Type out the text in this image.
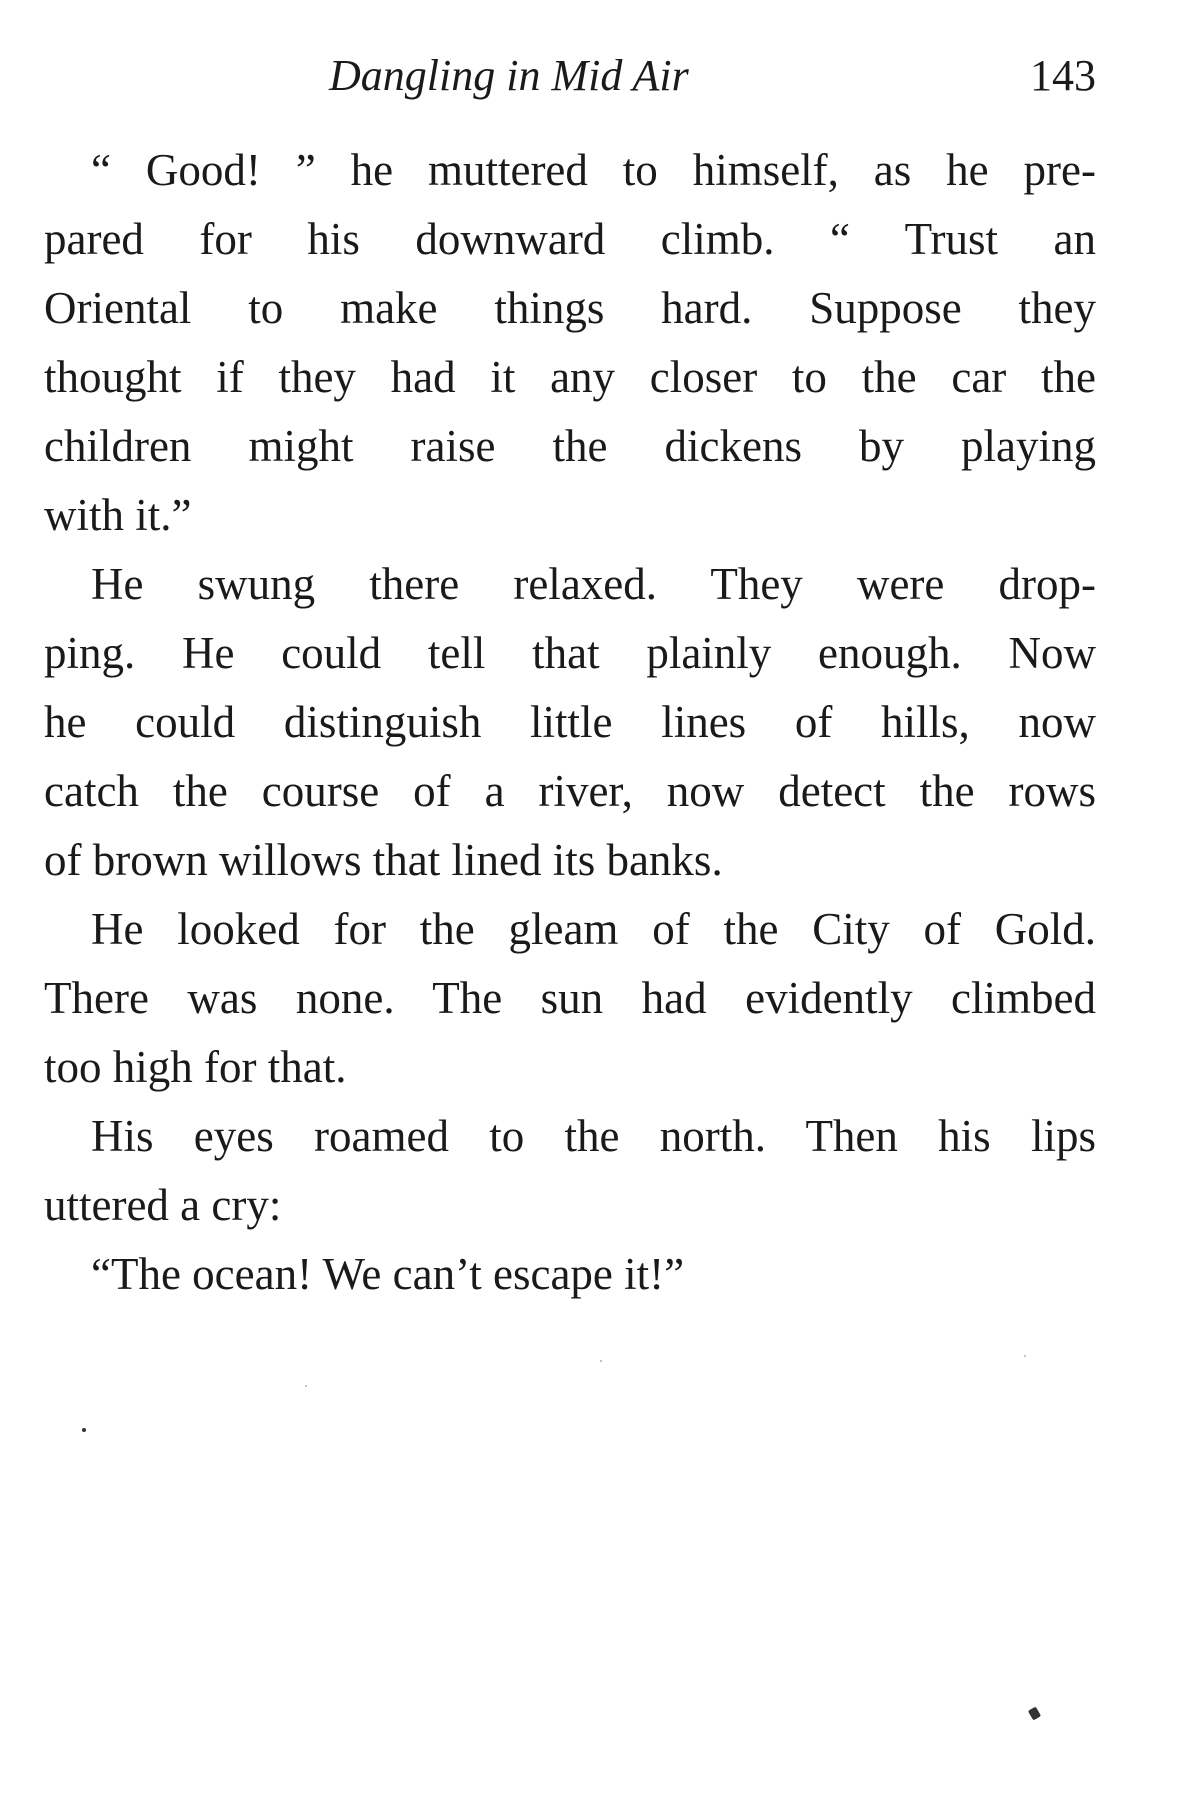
Dangling in Mid Air	143
“ Good! ” he muttered to himself, as he pre-
pared for his downward climb. “ Trust an
Oriental to make things hard. Suppose they
thought if they had it any closer to the car the
children might raise the dickens by playing
with it.”
He swung there relaxed. They were drop-
ping. He could tell that plainly enough. Now
he could distinguish little lines of hills, now
catch the course of a river, now detect the rows
of brown willows that lined its banks.
He looked for the gleam of the City of Gold.
There was none. The sun had evidently climbed
too high for that.
His eyes roamed to the north. Then his lips
uttered a cry:
“The ocean! We can’t escape it!”
